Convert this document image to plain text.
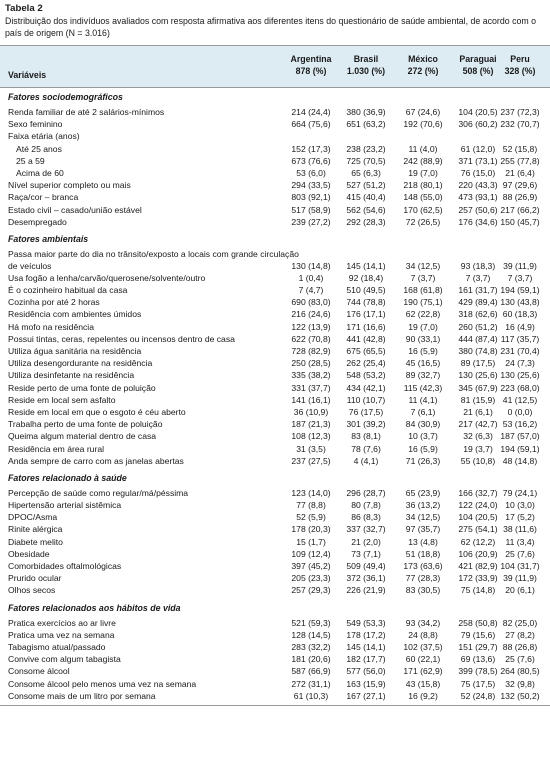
Tabela 2
Distribuição dos indivíduos avaliados com resposta afirmativa aos diferentes itens do questionário de saúde ambiental, de acordo com o país de origem (N = 3.016)
Variáveis
Argentina
878 (%)
Brasil
1.030 (%)
México
272 (%)
Paraguai
508 (%)
Peru
328 (%)
Fatores sociodemográficos
Renda familiar de até 2 salários-mínimos	214 (24,4)	380 (36,9)	67 (24,6)	104 (20,5) 237 (72,3)
Sexo feminino	664 (75,6)	651 (63,2)	192 (70,6)	306 (60,2) 232 (70,7)
Faixa etária (anos)
Até 25 anos	152 (17,3)	238 (23,2)	11 (4,0)	61 (12,0) 52 (15,8)
25 a 59	673 (76,6)	725 (70,5)	242 (88,9)	371 (73,1) 255 (77,8)
Acima de 60	53 (6,0)	65 (6,3)	19 (7,0)	76 (15,0)	21 (6,4)
Nível superior completo ou mais	294 (33,5)	527 (51,2)	218 (80,1)	220 (43,3) 97 (29,6)
Raça/cor – branca	803 (92,1)	415 (40,4)	148 (55,0)	473 (93,1) 88 (26,9)
Estado civil – casado/união estável	517 (58,9)	562 (54,6)	170 (62,5)	257 (50,6) 217 (66,2)
Desempregado	239 (27,2)	292 (28,3)	72 (26,5)	176 (34,6) 150 (45,7)
Fatores ambientais
Passa maior parte do dia no trânsito/exposto a locais com grande circulação de veículos	130 (14,8)	145 (14,1)	34 (12,5)	93 (18,3) 39 (11,9)
Usa fogão a lenha/carvão/querosene/solvente/outro	1 (0,4)	92 (18,4)	7 (3,7)	7 (3,7)	7 (3,7)
É o cozinheiro habitual da casa	7 (4,7)	510 (49,5)	168 (61,8)	161 (31,7) 194 (59,1)
Cozinha por até 2 horas	690 (83,0)	744 (78,8)	190 (75,1)	429 (89,4) 130 (43,8)
Residência com ambientes úmidos	216 (24,6)	176 (17,1)	62 (22,8)	318 (62,6) 60 (18,3)
Há mofo na residência	122 (13,9)	171 (16,6)	19 (7,0)	260 (51,2) 16 (4,9)
Possui tintas, ceras, repelentes ou incensos dentro de casa	622 (70,8)	441 (42,8)	90 (33,1)	444 (87,4) 117 (35,7)
Utiliza água sanitária na residência	728 (82,9)	675 (65,5)	16 (5,9)	380 (74,8) 231 (70,4)
Utiliza desengordurante na residência	250 (28,5)	262 (25,4)	45 (16,5)	89 (17,5)	24 (7,3)
Utiliza desinfetante na residência	335 (38,2)	548 (53,2)	89 (32,7)	130 (25,6) 130 (25,6)
Reside perto de uma fonte de poluição	331 (37,7)	434 (42,1)	115 (42,3)	345 (67,9) 223 (68,0)
Reside em local sem asfalto	141 (16,1)	110 (10,7)	11 (4,1)	81 (15,9) 41 (12,5)
Reside em local em que o esgoto é céu aberto	36 (10,9)	76 (17,5)	7 (6,1)	21 (6,1)	0 (0,0)
Trabalha perto de uma fonte de poluição	187 (21,3)	301 (39,2)	84 (30,9)	217 (42,7) 53 (16,2)
Queima algum material dentro de casa	108 (12,3)	83 (8,1)	10 (3,7)	32 (6,3) 187 (57,0)
Residência em área rural	31 (3,5)	78 (7,6)	16 (5,9)	19 (3,7) 194 (59,1)
Anda sempre de carro com as janelas abertas	237 (27,5)	4 (4,1)	71 (26,3)	55 (10,8) 48 (14,8)
Fatores relacionado à saúde
Percepção de saúde como regular/má/péssima	123 (14,0)	296 (28,7)	65 (23,9)	166 (32,7) 79 (24,1)
Hipertensão arterial sistêmica	77 (8,8)	80 (7,8)	36 (13,2)	122 (24,0) 10 (3,0)
DPOC/Asma	52 (5,9)	86 (8,3)	34 (12,5)	104 (20,5) 17 (5,2)
Rinite alérgica	178 (20,3)	337 (32,7)	97 (35,7)	275 (54,1) 38 (11,6)
Diabete melito	15 (1,7)	21 (2,0)	13 (4,8)	62 (12,2)	11 (3,4)
Obesidade	109 (12,4)	73 (7,1)	51 (18,8)	106 (20,9) 25 (7,6)
Comorbidades oftalmológicas	397 (45,2)	509 (49,4)	173 (63,6)	421 (82,9) 104 (31,7)
Prurido ocular	205 (23,3)	372 (36,1)	77 (28,3)	172 (33,9) 39 (11,9)
Olhos secos	257 (29,3)	226 (21,9)	83 (30,5)	75 (14,8)	20 (6,1)
Fatores relacionados aos hábitos de vida
Pratica exercícios ao ar livre	521 (59,3)	549 (53,3)	93 (34,2)	258 (50,8) 82 (25,0)
Pratica uma vez na semana	128 (14,5)	178 (17,2)	24 (8,8)	79 (15,6)	27 (8,2)
Tabagismo atual/passado	283 (32,2)	145 (14,1)	102 (37,5)	151 (29,7) 88 (26,8)
Convive com algum tabagista	181 (20,6)	182 (17,7)	60 (22,1)	69 (13,6)	25 (7,6)
Consome álcool	587 (66,9)	577 (56,0)	171 (62,9)	399 (78,5) 264 (80,5)
Consome álcool pelo menos uma vez na semana	272 (31,1)	163 (15,9)	43 (15,8)	75 (17,5)	32 (9,8)
Consome mais de um litro por semana	61 (10,3)	167 (27,1)	16 (9,2)	52 (24,8) 132 (50,2)
